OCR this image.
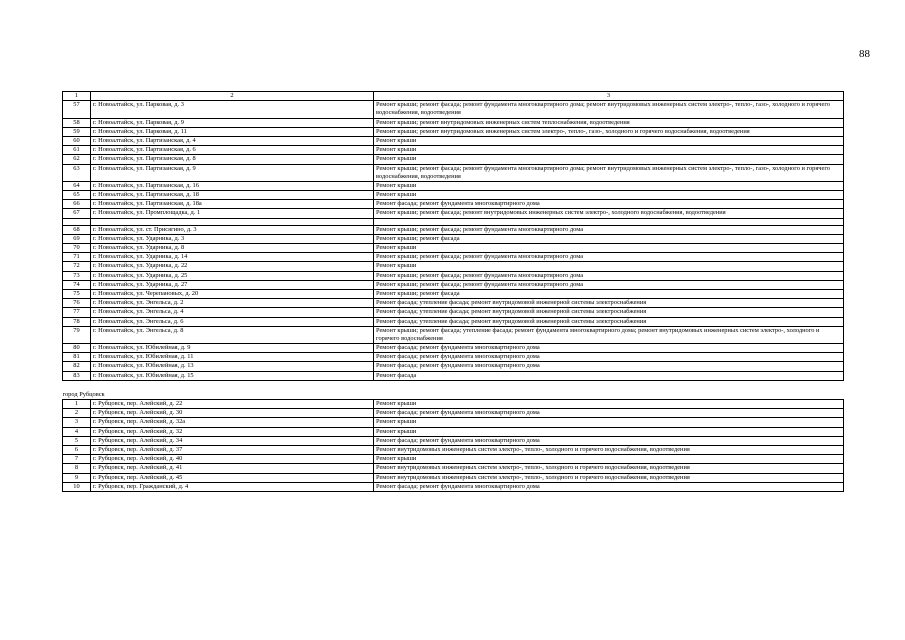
88
1	2	3
57	г. Новоалтайск, ул. Парковая, д. 3	Ремонт крыши; ремонт фасада; ремонт фундамента многоквартирного дома; ремонт внутридомовых инженерных систем электро-, тепло-, газо-, холодного и горячего водоснабжения, водоотведения
58	г. Новоалтайск, ул. Парковая, д. 9	Ремонт крыши; ремонт внутридомовых инженерных систем теплоснабжения, водоотведения
59	г. Новоалтайск, ул. Парковая, д. 11	Ремонт крыши; ремонт внутридомовых инженерных систем электро-, тепло-, газо-, холодного и горячего водоснабжения, водоотведения
60	г. Новоалтайск, ул. Партизанская, д. 4	Ремонт крыши
61	г. Новоалтайск, ул. Партизанская, д. 6	Ремонт крыши
62	г. Новоалтайск, ул. Партизанская, д. 8	Ремонт крыши
63	г. Новоалтайск, ул. Партизанская, д. 9	Ремонт крыши; ремонт фасада; ремонт фундамента многоквартирного дома; ремонт внутридомовых инженерных систем электро-, тепло-, газо-, холодного и горячего водоснабжения, водоотведения
64	г. Новоалтайск, ул. Партизанская, д. 16	Ремонт крыши
65	г. Новоалтайск, ул. Партизанская, д. 18	Ремонт крыши
66	г. Новоалтайск, ул. Партизанская, д. 18а	Ремонт фасада; ремонт фундамента многоквартирного дома
67	г. Новоалтайск, ул. Промплощадка, д. 1	Ремонт крыши; ремонт фасада; ремонт внутридомовых инженерных систем электро-, холодного водоснабжения, водоотведения

68	г. Новоалтайск, ул. ст. Присягино, д. 3	Ремонт крыши; ремонт фасада; ремонт фундамента многоквартирного дома
69	г. Новоалтайск, ул. Ударника, д. 3	Ремонт крыши; ремонт фасада
70	г. Новоалтайск, ул. Ударника, д. 8	Ремонт крыши
71	г. Новоалтайск, ул. Ударника, д. 14	Ремонт крыши; ремонт фасада; ремонт фундамента многоквартирного дома
72	г. Новоалтайск, ул. Ударника, д. 22	Ремонт крыши
73	г. Новоалтайск, ул. Ударника, д. 25	Ремонт крыши; ремонт фасада; ремонт фундамента многоквартирного дома
74	г. Новоалтайск, ул. Ударника, д. 27	Ремонт крыши; ремонт фасада; ремонт фундамента многоквартирного дома
75	г. Новоалтайск, ул. Черепановых, д. 20	Ремонт крыши; ремонт фасада
76	г. Новоалтайск, ул. Энгельса, д. 2	Ремонт фасада; утепление фасада; ремонт внутридомовой инженерной системы электроснабжения
77	г. Новоалтайск, ул. Энгельса, д. 4	Ремонт фасада; утепление фасада; ремонт внутридомовой инженерной системы электроснабжения
78	г. Новоалтайск, ул. Энгельса, д. 6	Ремонт фасада; утепление фасада; ремонт внутридомовой инженерной системы электроснабжения
79	г. Новоалтайск, ул. Энгельса, д. 8	Ремонт крыши; ремонт фасада; утепление фасада; ремонт фундамента многоквартирного дома; ремонт внутридомовых инженерных систем электро-, холодного и горячего водоснабжения
80	г. Новоалтайск, ул. Юбилейная, д. 9	Ремонт фасада; ремонт фундамента многоквартирного дома
81	г. Новоалтайск, ул. Юбилейная, д. 11	Ремонт фасада; ремонт фундамента многоквартирного дома
82	г. Новоалтайск, ул. Юбилейная, д. 13	Ремонт фасада; ремонт фундамента многоквартирного дома
83	г. Новоалтайск, ул. Юбилейная, д. 15	Ремонт фасада

город Рубцовск		
1	г. Рубцовск, пер. Алейский, д. 22	Ремонт крыши
2	г. Рубцовск, пер. Алейский, д. 30	Ремонт фасада; ремонт фундамента многоквартирного дома
3	г. Рубцовск, пер. Алейский, д. 32а	Ремонт крыши
4	г. Рубцовск, пер. Алейский, д. 32	Ремонт крыши
5	г. Рубцовск, пер. Алейский, д. 34	Ремонт фасада; ремонт фундамента многоквартирного дома
6	г. Рубцовск, пер. Алейский, д. 37	Ремонт внутридомовых инженерных систем электро-, тепло-, холодного и горячего водоснабжения, водоотведения
7	г. Рубцовск, пер. Алейский, д. 40	Ремонт крыши
8	г. Рубцовск, пер. Алейский, д. 41	Ремонт внутридомовых инженерных систем электро-, тепло-, холодного и горячего водоснабжения, водоотведения
9	г. Рубцовск, пер. Алейский, д. 45	Ремонт внутридомовых инженерных систем электро-, тепло-, холодного и горячего водоснабжения, водоотведения
10	г. Рубцовск, пер. Гражданский, д. 4	Ремонт фасада; ремонт фундамента многоквартирного дома
